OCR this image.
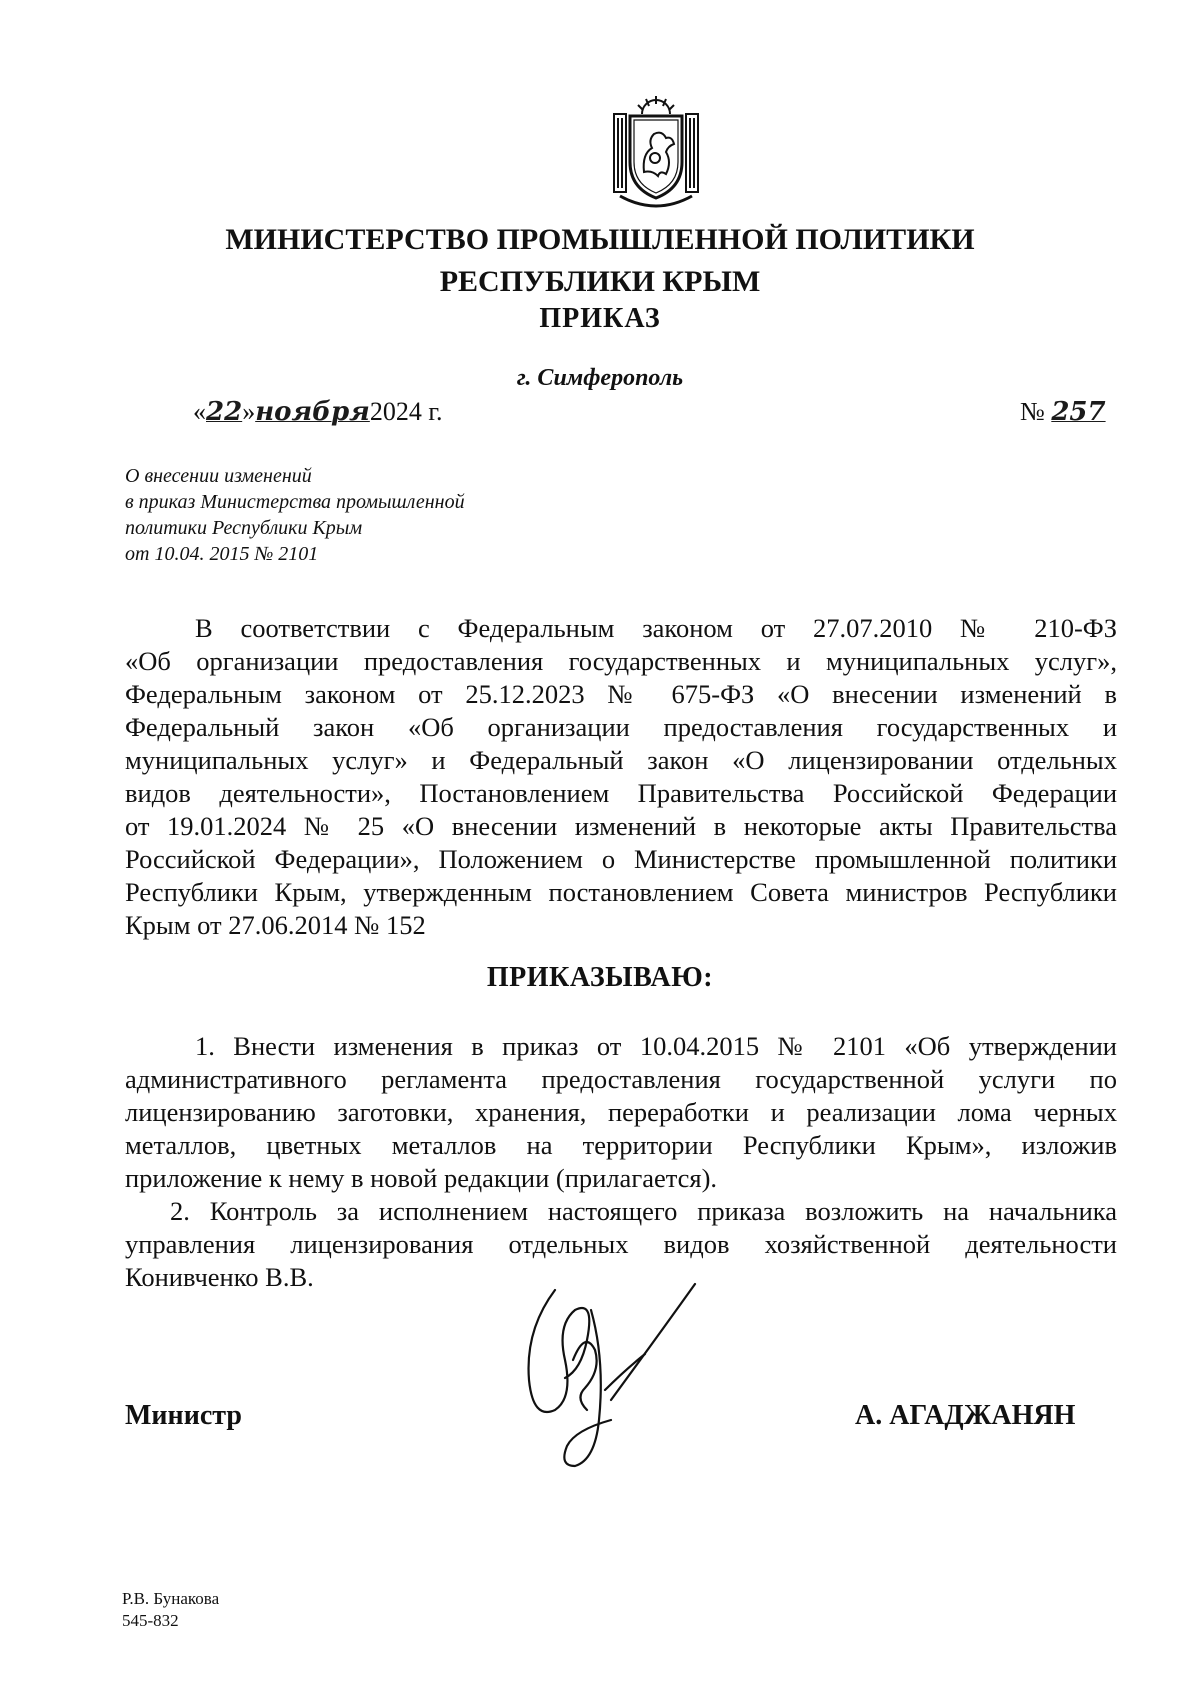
МИНИСТЕРСТВО ПРОМЫШЛЕННОЙ ПОЛИТИКИ
РЕСПУБЛИКИ КРЫМ
ПРИКАЗ
г. Симферополь
«22»ноября2024 г.	№ 257
О внесении изменений
в приказ Министерства промышленной
политики Республики Крым
от 10.04. 2015 № 2101
В соответствии с Федеральным законом от 27.07.2010 № 210-ФЗ
«Об организации предоставления государственных и муниципальных услуг»,
Федеральным законом от 25.12.2023 № 675-ФЗ «О внесении изменений в
Федеральный закон «Об организации предоставления государственных и
муниципальных услуг» и Федеральный закон «О лицензировании отдельных
видов деятельности», Постановлением Правительства Российской Федерации
от 19.01.2024 № 25 «О внесении изменений в некоторые акты Правительства
Российской Федерации», Положением о Министерстве промышленной политики
Республики Крым, утвержденным постановлением Совета министров Республики
Крым от 27.06.2014 № 152
ПРИКАЗЫВАЮ:
1. Внести изменения в приказ от 10.04.2015 № 2101 «Об утверждении
административного регламента предоставления государственной услуги по
лицензированию заготовки, хранения, переработки и реализации лома черных
металлов, цветных металлов на территории Республики Крым», изложив
приложение к нему в новой редакции (прилагается).
2. Контроль за исполнением настоящего приказа возложить на начальника
управления лицензирования отдельных видов хозяйственной деятельности
Конивченко В.В.
Министр	А. АГАДЖАНЯН
Р.В. Бунакова
545-832
